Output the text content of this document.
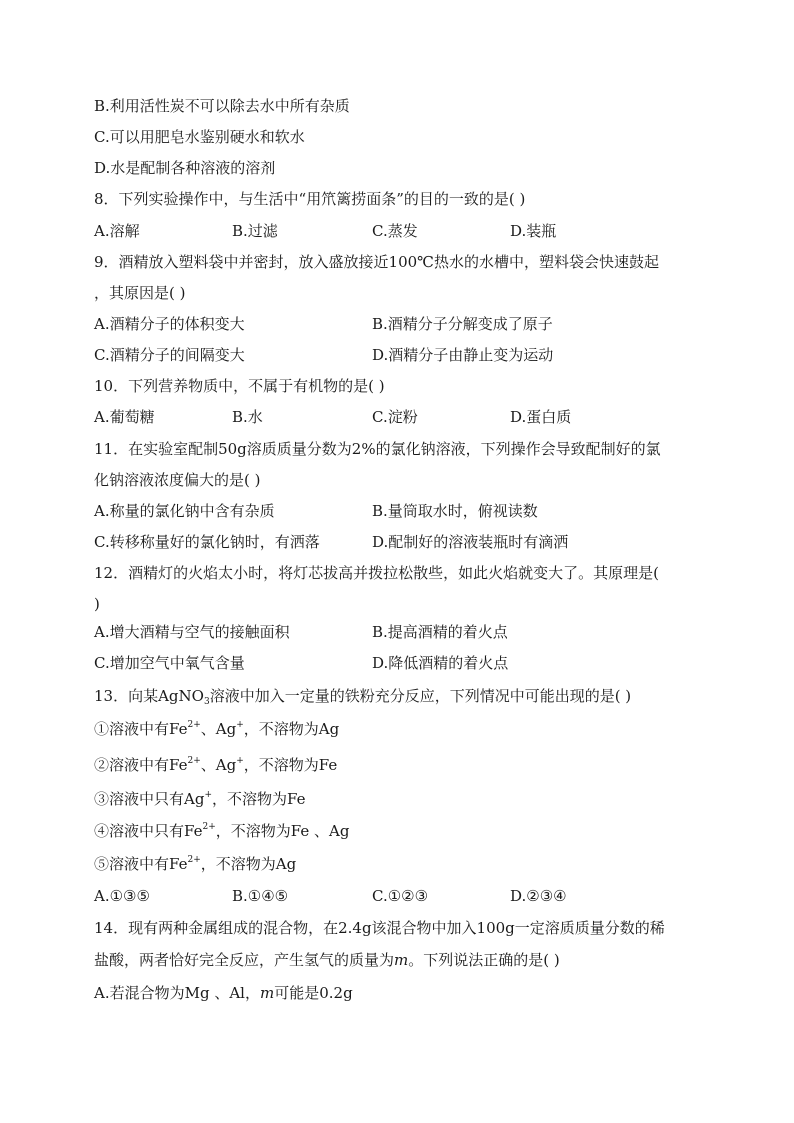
B.利用活性炭不可以除去水中所有杂质
C.可以用肥皂水鉴别硬水和软水
D.水是配制各种溶液的溶剂
8．下列实验操作中，与生活中“用笊篱捞面条”的目的一致的是( )
A.溶解	B.过滤	C.蒸发	D.装瓶
9．酒精放入塑料袋中并密封，放入盛放接近100℃热水的水槽中，塑料袋会快速鼓起
，其原因是( )
A.酒精分子的体积变大	B.酒精分子分解变成了原子
C.酒精分子的间隔变大	D.酒精分子由静止变为运动
10．下列营养物质中，不属于有机物的是( )
A.葡萄糖	B.水	C.淀粉	D.蛋白质
11．在实验室配制50g溶质质量分数为2%的氯化钠溶液，下列操作会导致配制好的氯
化钠溶液浓度偏大的是( )
A.称量的氯化钠中含有杂质	B.量筒取水时，俯视读数
C.转移称量好的氯化钠时，有洒落	D.配制好的溶液装瓶时有滴洒
12．酒精灯的火焰太小时，将灯芯拔高并拨拉松散些，如此火焰就变大了。其原理是(
)
A.增大酒精与空气的接触面积	B.提高酒精的着火点
C.增加空气中氧气含量	D.降低酒精的着火点
13．向某AgNO$_3$溶液中加入一定量的铁粉充分反应，下列情况中可能出现的是( )
①溶液中有$Fe^{2+}$、Ag+，不溶物为Ag
②溶液中有$Fe^{2+}$、Ag+，不溶物为Fe
③溶液中只有Ag+，不溶物为Fe
④溶液中只有$Fe^{2+}$，不溶物为Fe 、Ag
⑤溶液中有$Fe^{2+}$，不溶物为Ag
A.①③⑤	B.①④⑤	C.①②③	D.②③④
14．现有两种金属组成的混合物，在2.4g该混合物中加入100g一定溶质质量分数的稀
盐酸，两者恰好完全反应，产生氢气的质量为m。下列说法正确的是( )
A.若混合物为Mg 、Al，m可能是0.2g
